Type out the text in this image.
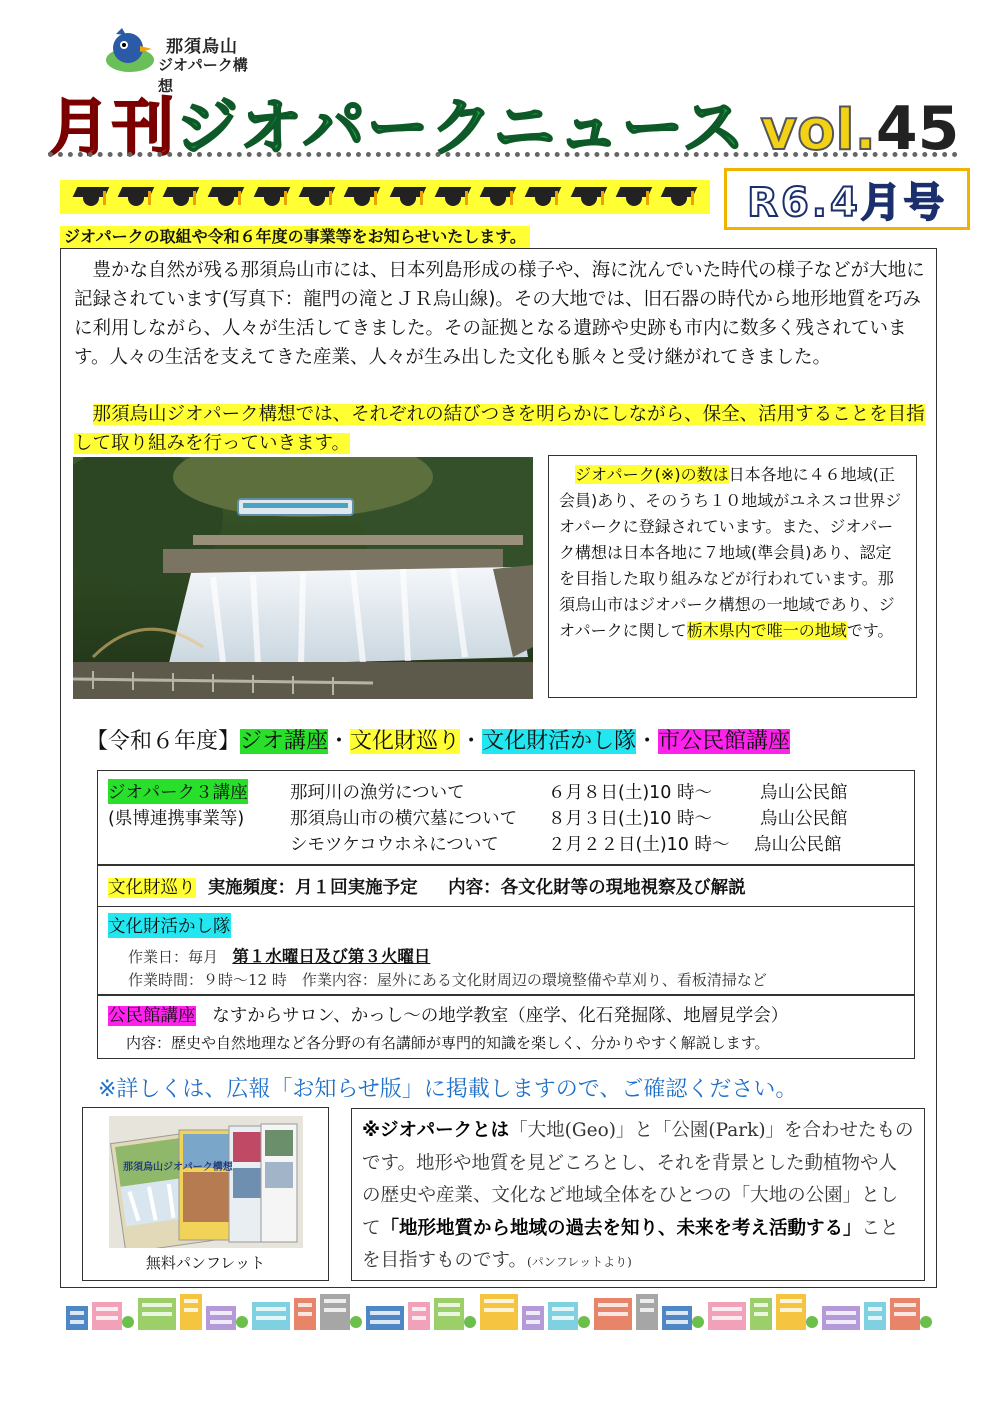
那須烏山
ジオパーク構想
月刊ジオパークニュース vol.45
R6.4月号
ジオパークの取組や令和６年度の事業等をお知らせいたします。
豊かな自然が残る那須烏山市には、日本列島形成の様子や、海に沈んでいた時代の様子などが大地に記録されています(写真下：龍門の滝とＪＲ烏山線)。その大地では、旧石器の時代から地形地質を巧みに利用しながら、人々が生活してきました。その証拠となる遺跡や史跡も市内に数多く残されています。人々の生活を支えてきた産業、人々が生み出した文化も脈々と受け継がれてきました。
那須烏山ジオパーク構想では、それぞれの結びつきを明らかにしながら、保全、活用することを目指して取り組みを行っていきます。
ジオパーク(※)の数は日本各地に４６地域(正会員)あり、そのうち１０地域がユネスコ世界ジオパークに登録されています。また、ジオパーク構想は日本各地に７地域(準会員)あり、認定を目指した取り組みなどが行われています。那須烏山市はジオパーク構想の一地域であり、ジオパークに関して栃木県内で唯一の地域です。
【令和６年度】ジオ講座・文化財巡り・文化財活かし隊・市公民館講座
ジオパーク３講座
(県博連携事業等)
那珂川の漁労について	６月８日(土)10 時～	烏山公民館
那須烏山市の横穴墓について ８月３日(土)10 時～	烏山公民館
シモツケコウホネについて	２月２２日(土)10 時～ 烏山公民館
文化財巡り 実施頻度：月１回実施予定 内容：各文化財等の現地視察及び解説
文化財活かし隊
作業日：毎月 第１水曜日及び第３火曜日
作業時間：９時～12 時　作業内容：屋外にある文化財周辺の環境整備や草刈り、看板清掃など
公民館講座 なすからサロン、かっし～の地学教室（座学、化石発掘隊、地層見学会）
内容：歴史や自然地理など各分野の有名講師が専門的知識を楽しく、分かりやすく解説します。
※詳しくは、広報「お知らせ版」に掲載しますので、ご確認ください。
那須烏山ジオパーク構想
無料パンフレット
※ジオパークとは「大地(Geo)」と「公園(Park)」を合わせたものです。地形や地質を見どころとし、それを背景とした動植物や人の歴史や産業、文化など地域全体をひとつの「大地の公園」として「地形地質から地域の過去を知り、未来を考え活動する」ことを目指すものです。(パンフレットより)
